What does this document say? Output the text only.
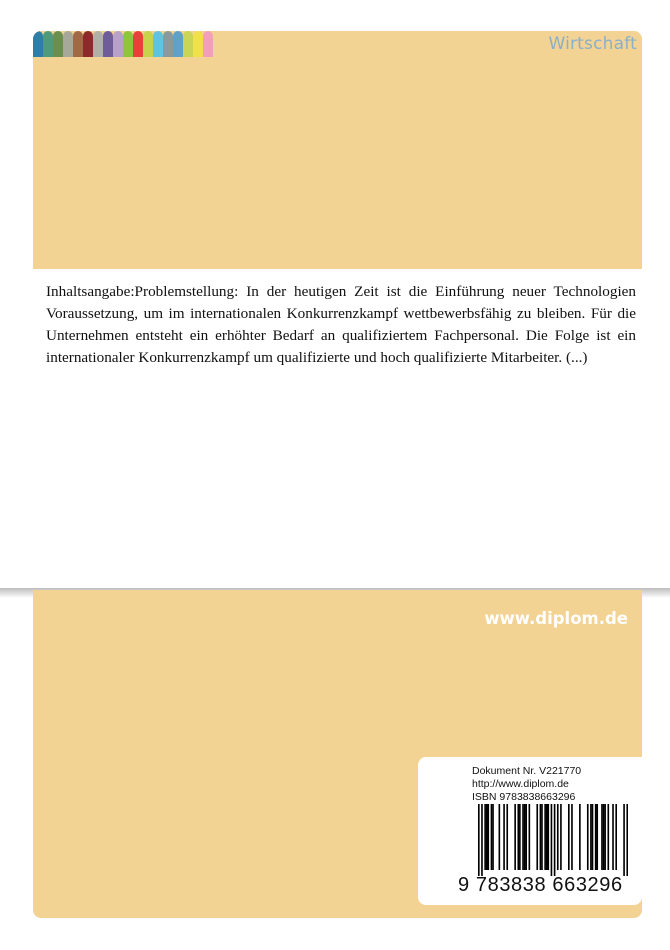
Wirtschaft

Inhaltsangabe:Problemstellung: In der heutigen Zeit ist die Einführung neuer Technologien Voraussetzung, um im internationalen Konkurrenzkampf wettbewerbsfähig zu bleiben. Für die Unternehmen entsteht ein erhöhter Bedarf an qualifiziertem Fachpersonal. Die Folge ist ein internationaler Konkurrenzkampf um qualifizierte und hoch qualifizierte Mitarbeiter. (...)

www.diplom.de
Dokument Nr. V221770
http://www.diplom.de
ISBN 9783838663296
9 783838 663296
